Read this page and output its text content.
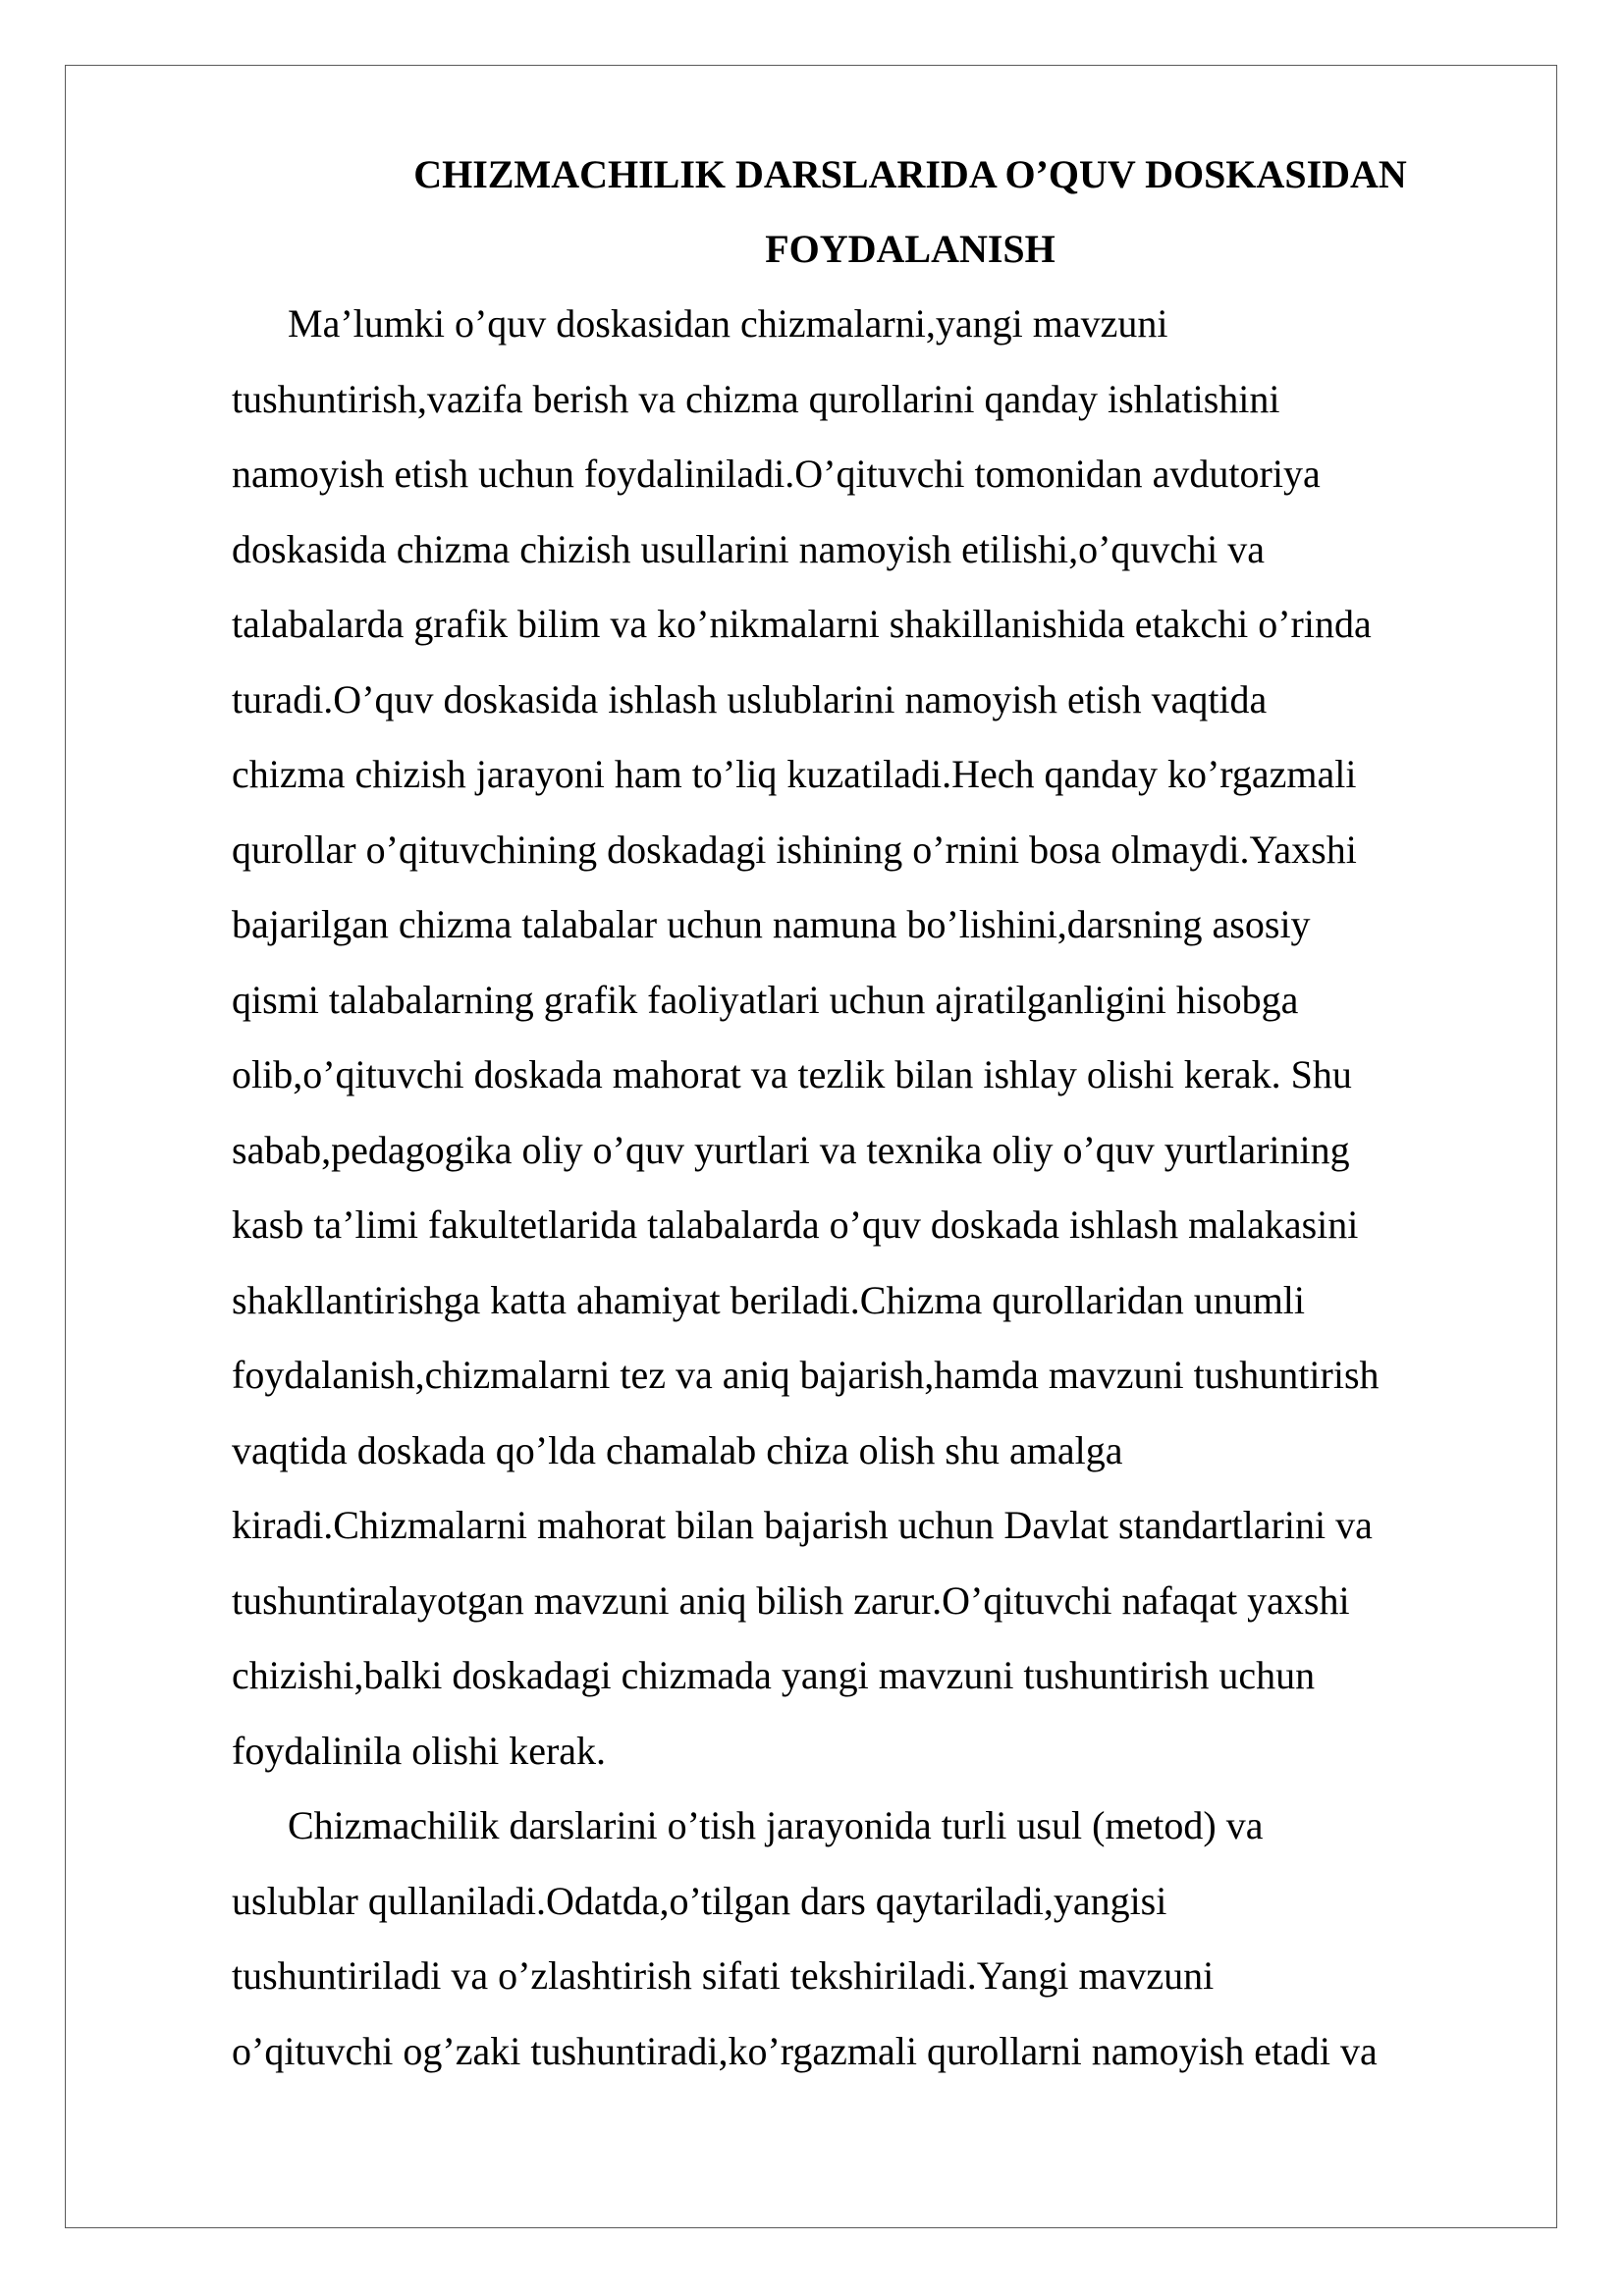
CHIZMACHILIK DARSLARIDA O’QUV DOSKASIDAN
FOYDALANISH

Ma’lumki o’quv doskasidan chizmalarni,yangi mavzuni
tushuntirish,vazifa berish va chizma qurollarini qanday ishlatishini
namoyish etish uchun foydaliniladi.O’qituvchi tomonidan avdutoriya
doskasida chizma chizish usullarini namoyish etilishi,o’quvchi va
talabalarda grafik bilim va ko’nikmalarni shakillanishida etakchi o’rinda
turadi.O’quv doskasida ishlash uslublarini namoyish etish vaqtida
chizma chizish jarayoni ham to’liq kuzatiladi.Hech qanday ko’rgazmali
qurollar o’qituvchining doskadagi ishining o’rnini bosa olmaydi.Yaxshi
bajarilgan chizma talabalar uchun namuna bo’lishini,darsning asosiy
qismi talabalarning grafik faoliyatlari uchun ajratilganligini hisobga
olib,o’qituvchi doskada mahorat va tezlik bilan ishlay olishi kerak. Shu
sabab,pedagogika oliy o’quv yurtlari va texnika oliy o’quv yurtlarining
kasb ta’limi fakultetlarida talabalarda o’quv doskada ishlash malakasini
shakllantirishga katta ahamiyat beriladi.Chizma qurollaridan unumli
foydalanish,chizmalarni tez va aniq bajarish,hamda mavzuni tushuntirish
vaqtida doskada qo’lda chamalab chiza olish shu amalga
kiradi.Chizmalarni mahorat bilan bajarish uchun Davlat standartlarini va
tushuntiralayotgan mavzuni aniq bilish zarur.O’qituvchi nafaqat yaxshi
chizishi,balki doskadagi chizmada yangi mavzuni tushuntirish uchun
foydalinila olishi kerak.

Chizmachilik darslarini o’tish jarayonida turli usul (metod) va
uslublar qullaniladi.Odatda,o’tilgan dars qaytariladi,yangisi
tushuntiriladi va o’zlashtirish sifati tekshiriladi.Yangi mavzuni
o’qituvchi og’zaki tushuntiradi,ko’rgazmali qurollarni namoyish etadi va
